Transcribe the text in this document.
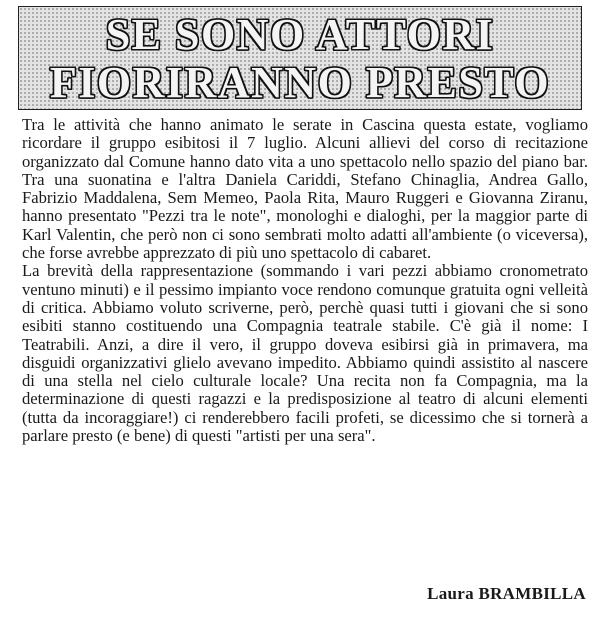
SE SONO ATTORI
FIORIRANNO PRESTO

Tra le attività che hanno animato le serate in Cascina questa estate, vogliamo ricordare il gruppo esibitosi il 7 luglio. Alcuni allievi del corso di recitazione organizzato dal Comune hanno dato vita a uno spettacolo nello spazio del piano bar. Tra una suonatina e l'altra Daniela Cariddi, Stefano Chinaglia, Andrea Gallo, Fabrizio Maddalena, Sem Memeo, Paola Rita, Mauro Ruggeri e Giovanna Ziranu, hanno presentato "Pezzi tra le note", monologhi e dialoghi, per la maggior parte di Karl Valentin, che però non ci sono sembrati molto adatti all'ambiente (o viceversa), che forse avrebbe apprezzato di più uno spettacolo di cabaret.

La brevità della rappresentazione (sommando i vari pezzi abbiamo cronometrato ventuno minuti) e il pessimo impianto voce rendono comunque gratuita ogni velleità di critica. Abbiamo voluto scriverne, però, perchè quasi tutti i giovani che si sono esibiti stanno costituendo una Compagnia teatrale stabile. C'è già il nome: I Teatrabili. Anzi, a dire il vero, il gruppo doveva esibirsi già in primavera, ma disguidi organizzativi glielo avevano impedito. Abbiamo quindi assistito al nascere di una stella nel cielo culturale locale? Una recita non fa Compagnia, ma la determinazione di questi ragazzi e la predisposizione al teatro di alcuni elementi (tutta da incoraggiare!) ci renderebbero facili profeti, se dicessimo che si tornerà a parlare presto (e bene) di questi "artisti per una sera".

Laura BRAMBILLA
